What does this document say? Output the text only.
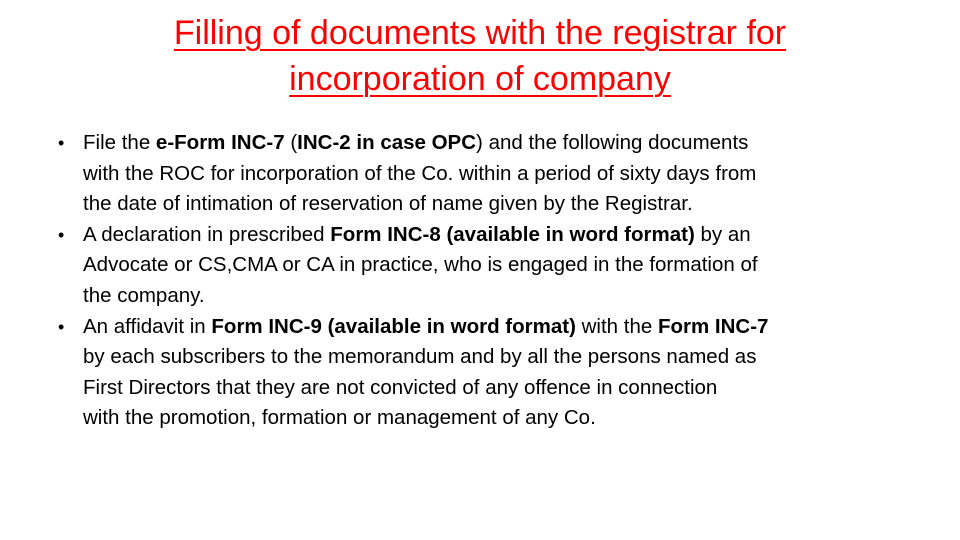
Filling of documents with the registrar for
incorporation of company
• File the e-Form INC-7 (INC-2 in case OPC) and the following documents
with the ROC for incorporation of the Co. within a period of sixty days from
the date of intimation of reservation of name given by the Registrar.
• A declaration in prescribed Form INC-8 (available in word format) by an
Advocate or CS,CMA or CA in practice, who is engaged in the formation of
the company.
• An affidavit in Form INC-9 (available in word format) with the Form INC-7
by each subscribers to the memorandum and by all the persons named as
First Directors that they are not convicted of any offence in connection
with the promotion, formation or management of any Co.
